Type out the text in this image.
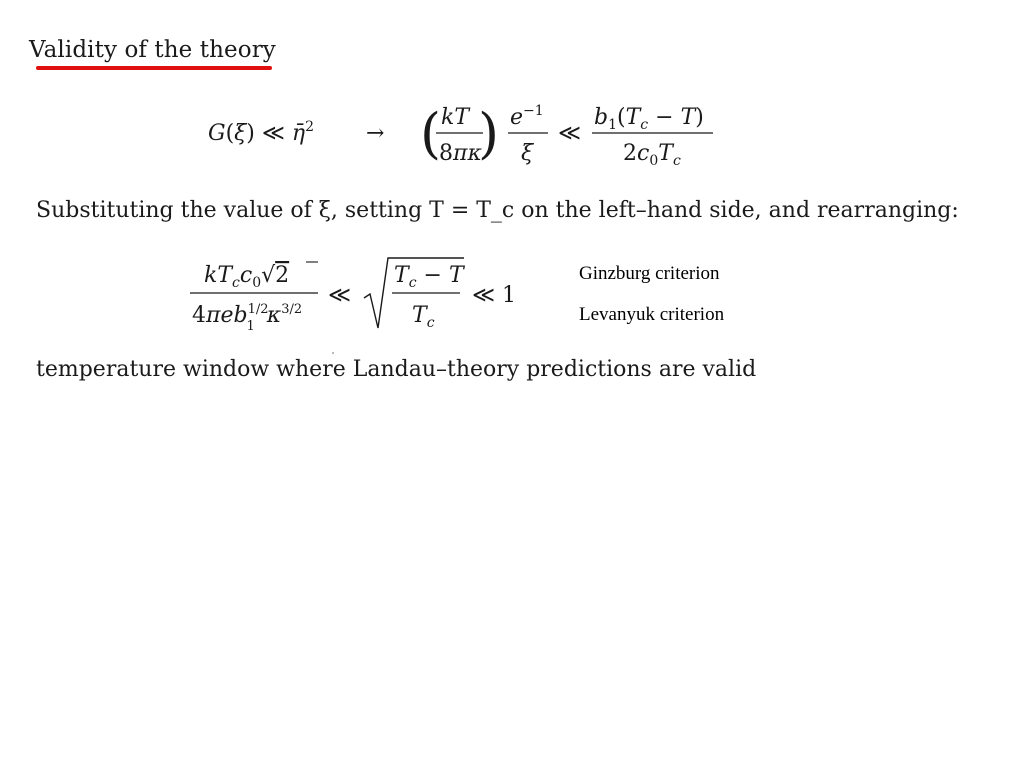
Validity of the theory
G(ξ) ≪ η̄$^2$ → ( )
kT
8πκ
$e^{-1}$
ξ
≪
$b_1(T_c - T)$
$2c_0T_c$
Substituting the value of ξ, setting T = T_c on the left–hand side, and rearranging:
$kT_cc_0√2$
4πeb$^{1/2}$ 1 $\kappa^{3/2}$
≪
$T_c - T$
$T_c$
≪ 1
Ginzburg criterion
Levanyuk criterion
temperature window where Landau–theory predictions are valid
